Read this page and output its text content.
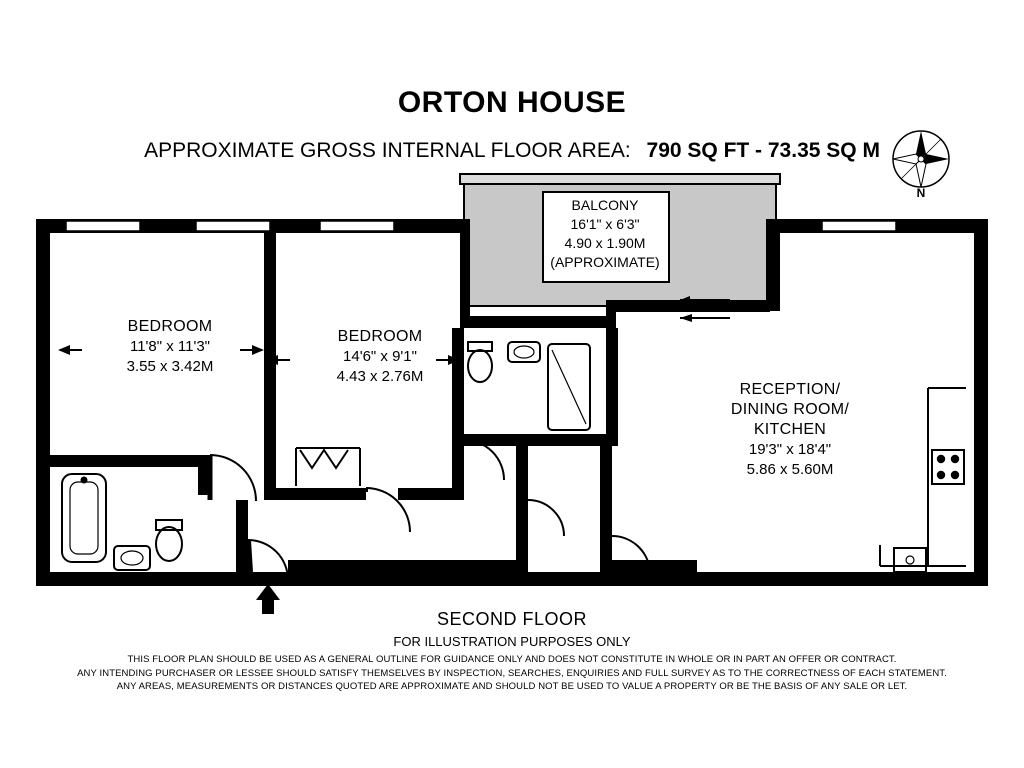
ORTON HOUSE
APPROXIMATE GROSS INTERNAL FLOOR AREA: 790 SQ FT - 73.35 SQ M
N
BEDROOM
11'8" x 11'3"
3.55 x 3.42M
BEDROOM
14'6" x 9'1"
4.43 x 2.76M
RECEPTION/
DINING ROOM/
KITCHEN
19'3" x 18'4"
5.86 x 5.60M
BALCONY
16'1" x 6'3"
4.90 x 1.90M
(APPROXIMATE)
SECOND FLOOR
FOR ILLUSTRATION PURPOSES ONLY
THIS FLOOR PLAN SHOULD BE USED AS A GENERAL OUTLINE FOR GUIDANCE ONLY AND DOES NOT CONSTITUTE IN WHOLE OR IN PART AN OFFER OR CONTRACT.
ANY INTENDING PURCHASER OR LESSEE SHOULD SATISFY THEMSELVES BY INSPECTION, SEARCHES, ENQUIRIES AND FULL SURVEY AS TO THE CORRECTNESS OF EACH STATEMENT.
ANY AREAS, MEASUREMENTS OR DISTANCES QUOTED ARE APPROXIMATE AND SHOULD NOT BE USED TO VALUE A PROPERTY OR BE THE BASIS OF ANY SALE OR LET.
